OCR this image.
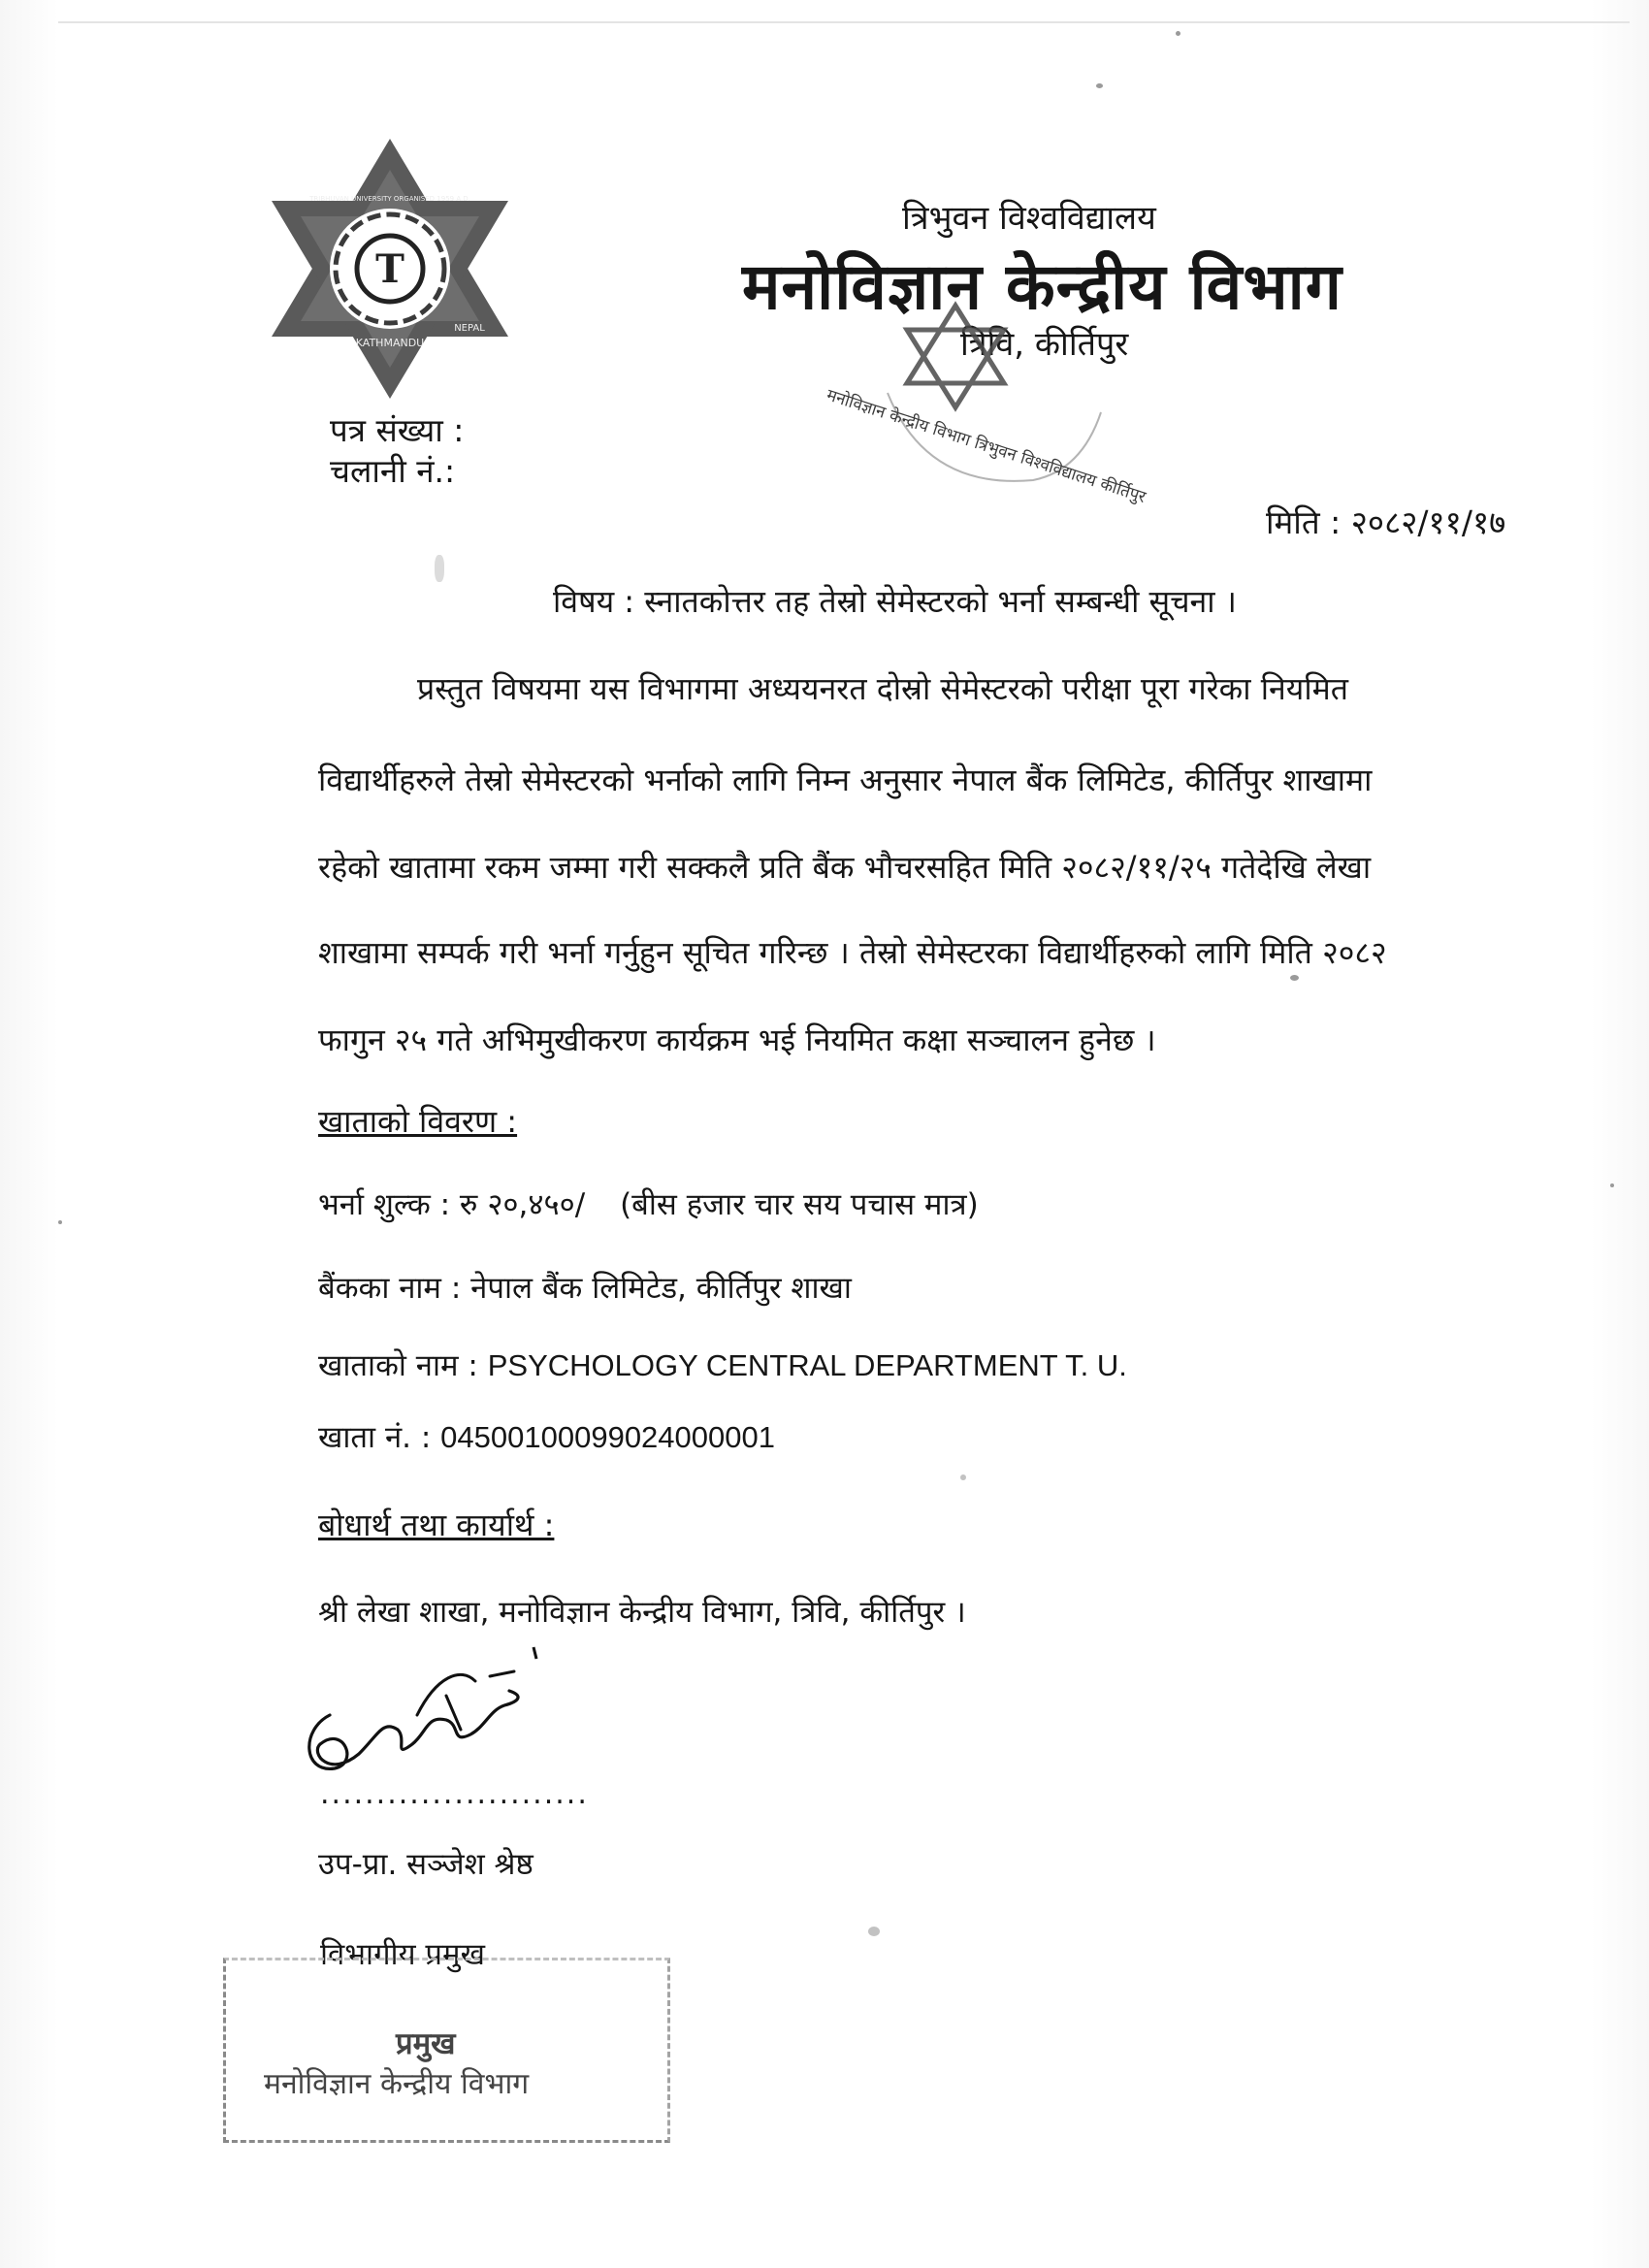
T
KATHMANDU
NEPAL
TRIBHUVAN UNIVERSITY ORGANISED 1959 A.D.	त्रिभुवन विश्वविद्यालय
मनोविज्ञान केन्द्रीय विभाग
त्रिवि, कीर्तिपुर
मनोविज्ञान केन्द्रीय विभाग त्रिभुवन विश्वविद्यालय कीर्तिपुर
पत्र संख्या :
चलानी नं.:
मिति : २०८२/११/१७
विषय : स्नातकोत्तर तह तेस्रो सेमेस्टरको भर्ना सम्बन्धी सूचना ।
प्रस्तुत विषयमा यस विभागमा अध्ययनरत दोस्रो सेमेस्टरको परीक्षा पूरा गरेका नियमित
विद्यार्थीहरुले तेस्रो सेमेस्टरको भर्नाको लागि निम्न अनुसार नेपाल बैंक लिमिटेड, कीर्तिपुर शाखामा
रहेको खातामा रकम जम्मा गरी सक्कलै प्रति बैंक भौचरसहित मिति २०८२/११/२५ गतेदेखि लेखा
शाखामा सम्पर्क गरी भर्ना गर्नुहुन सूचित गरिन्छ । तेस्रो सेमेस्टरका विद्यार्थीहरुको लागि मिति २०८२
फागुन २५ गते अभिमुखीकरण कार्यक्रम भई नियमित कक्षा सञ्चालन हुनेछ ।
खाताको विवरण :
भर्ना शुल्क : रु २०,४५०/ (बीस हजार चार सय पचास मात्र)
बैंकका नाम : नेपाल बैंक लिमिटेड, कीर्तिपुर शाखा
खाताको नाम : PSYCHOLOGY CENTRAL DEPARTMENT T. U.
खाता नं. : 04500100099024000001
बोधार्थ तथा कार्यार्थ :
श्री लेखा शाखा, मनोविज्ञान केन्द्रीय विभाग, त्रिवि, कीर्तिपुर ।
........................
उप-प्रा. सञ्जेश श्रेष्ठ
विभागीय प्रमुख
प्रमुख
मनोविज्ञान केन्द्रीय विभाग
